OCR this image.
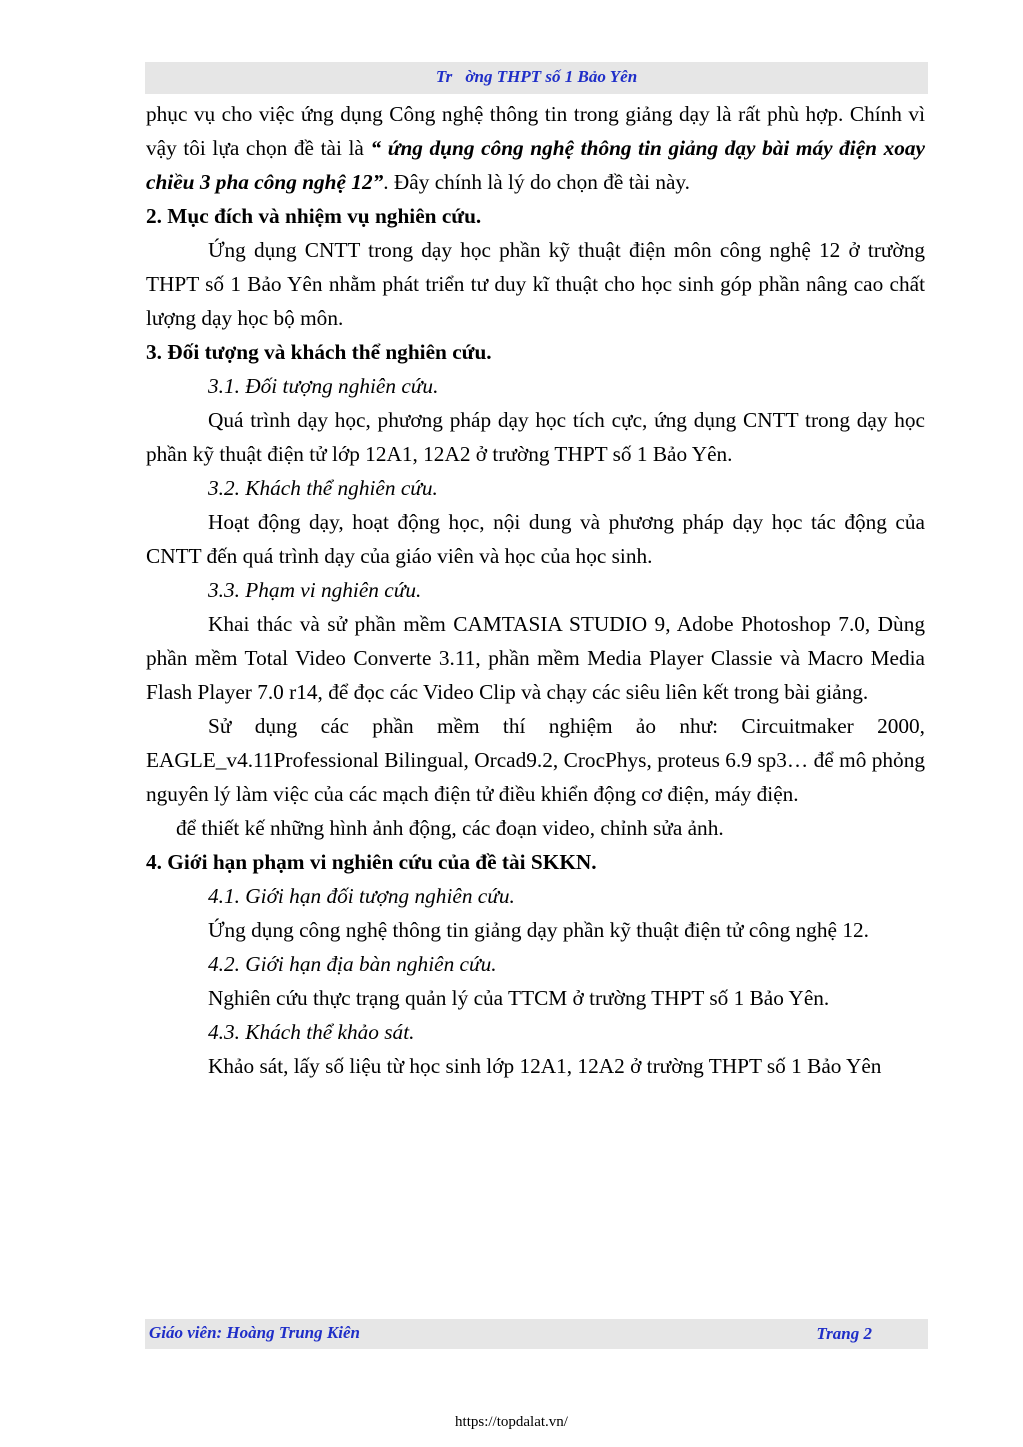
Tr ờng THPT số 1 Bảo Yên

phục vụ cho việc ứng dụng Công nghệ thông tin trong giảng dạy là rất phù hợp. Chính vì vậy tôi lựa chọn đề tài là “ ứng dụng công nghệ thông tin giảng dạy bài máy điện xoay chiều 3 pha công nghệ 12”. Đây chính là lý do chọn đề tài này.

2. Mục đích và nhiệm vụ nghiên cứu.

Ứng dụng CNTT trong dạy học phần kỹ thuật điện môn công nghệ 12 ở trường THPT số 1 Bảo Yên nhằm phát triển tư duy kĩ thuật cho học sinh góp phần nâng cao chất lượng dạy học bộ môn.

3. Đối tượng và khách thể nghiên cứu.

3.1. Đối tượng nghiên cứu.

Quá trình dạy học, phương pháp dạy học tích cực, ứng dụng CNTT trong dạy học phần kỹ thuật điện tử lớp 12A1, 12A2 ở trường THPT số 1 Bảo Yên.

3.2. Khách thể nghiên cứu.

Hoạt động dạy, hoạt động học, nội dung và phương pháp dạy học tác động của CNTT đến quá trình dạy của giáo viên và học của học sinh.

3.3. Phạm vi nghiên cứu.

Khai thác và sử phần mềm CAMTASIA STUDIO 9, Adobe Photoshop 7.0, Dùng phần mềm Total Video Converte 3.11, phần mềm Media Player Classie và Macro Media Flash Player 7.0 r14, để đọc các Video Clip và chạy các siêu liên kết trong bài giảng.

Sử dụng các phần mềm thí nghiệm ảo như: Circuitmaker 2000, EAGLE_v4.11Professional Bilingual, Orcad9.2, CrocPhys, proteus 6.9 sp3… để mô phỏng nguyên lý làm việc của các mạch điện tử điều khiển động cơ điện, máy điện.

để thiết kế những hình ảnh động, các đoạn video, chỉnh sửa ảnh.

4. Giới hạn phạm vi nghiên cứu của đề tài SKKN.

4.1. Giới hạn đối tượng nghiên cứu.

Ứng dụng công nghệ thông tin giảng dạy phần kỹ thuật điện tử công nghệ 12.

4.2. Giới hạn địa bàn nghiên cứu.

Nghiên cứu thực trạng quản lý của TTCM ở trường THPT số 1 Bảo Yên.

4.3. Khách thể khảo sát.

Khảo sát, lấy số liệu từ học sinh lớp 12A1, 12A2 ở trường THPT số 1 Bảo Yên

Giáo viên: Hoàng Trung Kiên	Trang 2
https://topdalat.vn/
